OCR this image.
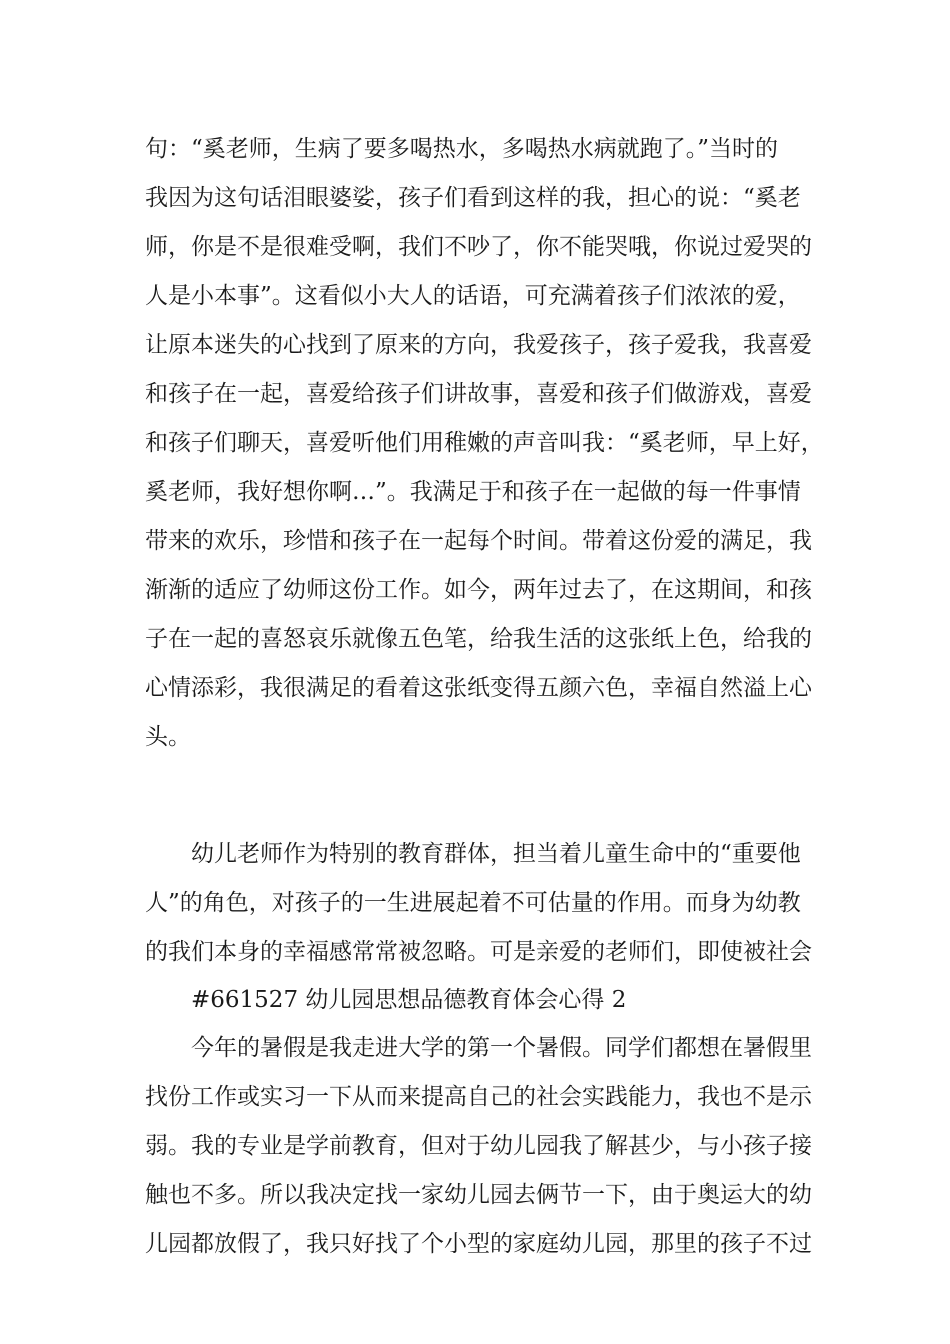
句：“奚老师，生病了要多喝热水，多喝热水病就跑了。”当时的
我因为这句话泪眼婆娑，孩子们看到这样的我，担心的说：“奚老
师，你是不是很难受啊，我们不吵了，你不能哭哦，你说过爱哭的
人是小本事”。这看似小大人的话语，可充满着孩子们浓浓的爱，
让原本迷失的心找到了原来的方向，我爱孩子，孩子爱我，我喜爱
和孩子在一起，喜爱给孩子们讲故事，喜爱和孩子们做游戏，喜爱
和孩子们聊天，喜爱听他们用稚嫩的声音叫我：“奚老师，早上好，
奚老师，我好想你啊…”。我满足于和孩子在一起做的每一件事情
带来的欢乐，珍惜和孩子在一起每个时间。带着这份爱的满足，我
渐渐的适应了幼师这份工作。如今，两年过去了，在这期间，和孩
子在一起的喜怒哀乐就像五色笔，给我生活的这张纸上色，给我的
心情添彩，我很满足的看着这张纸变得五颜六色，幸福自然溢上心
头。
幼儿老师作为特别的教育群体，担当着儿童生命中的“重要他
人”的角色，对孩子的一生进展起着不可估量的作用。而身为幼教
的我们本身的幸福感常常被忽略。可是亲爱的老师们，即使被社会
#661527 幼儿园思想品德教育体会心得 2
今年的暑假是我走进大学的第一个暑假。同学们都想在暑假里
找份工作或实习一下从而来提高自己的社会实践能力，我也不是示
弱。我的专业是学前教育，但对于幼儿园我了解甚少，与小孩子接
触也不多。所以我决定找一家幼儿园去俩节一下，由于奥运大的幼
儿园都放假了，我只好找了个小型的家庭幼儿园，那里的孩子不过
